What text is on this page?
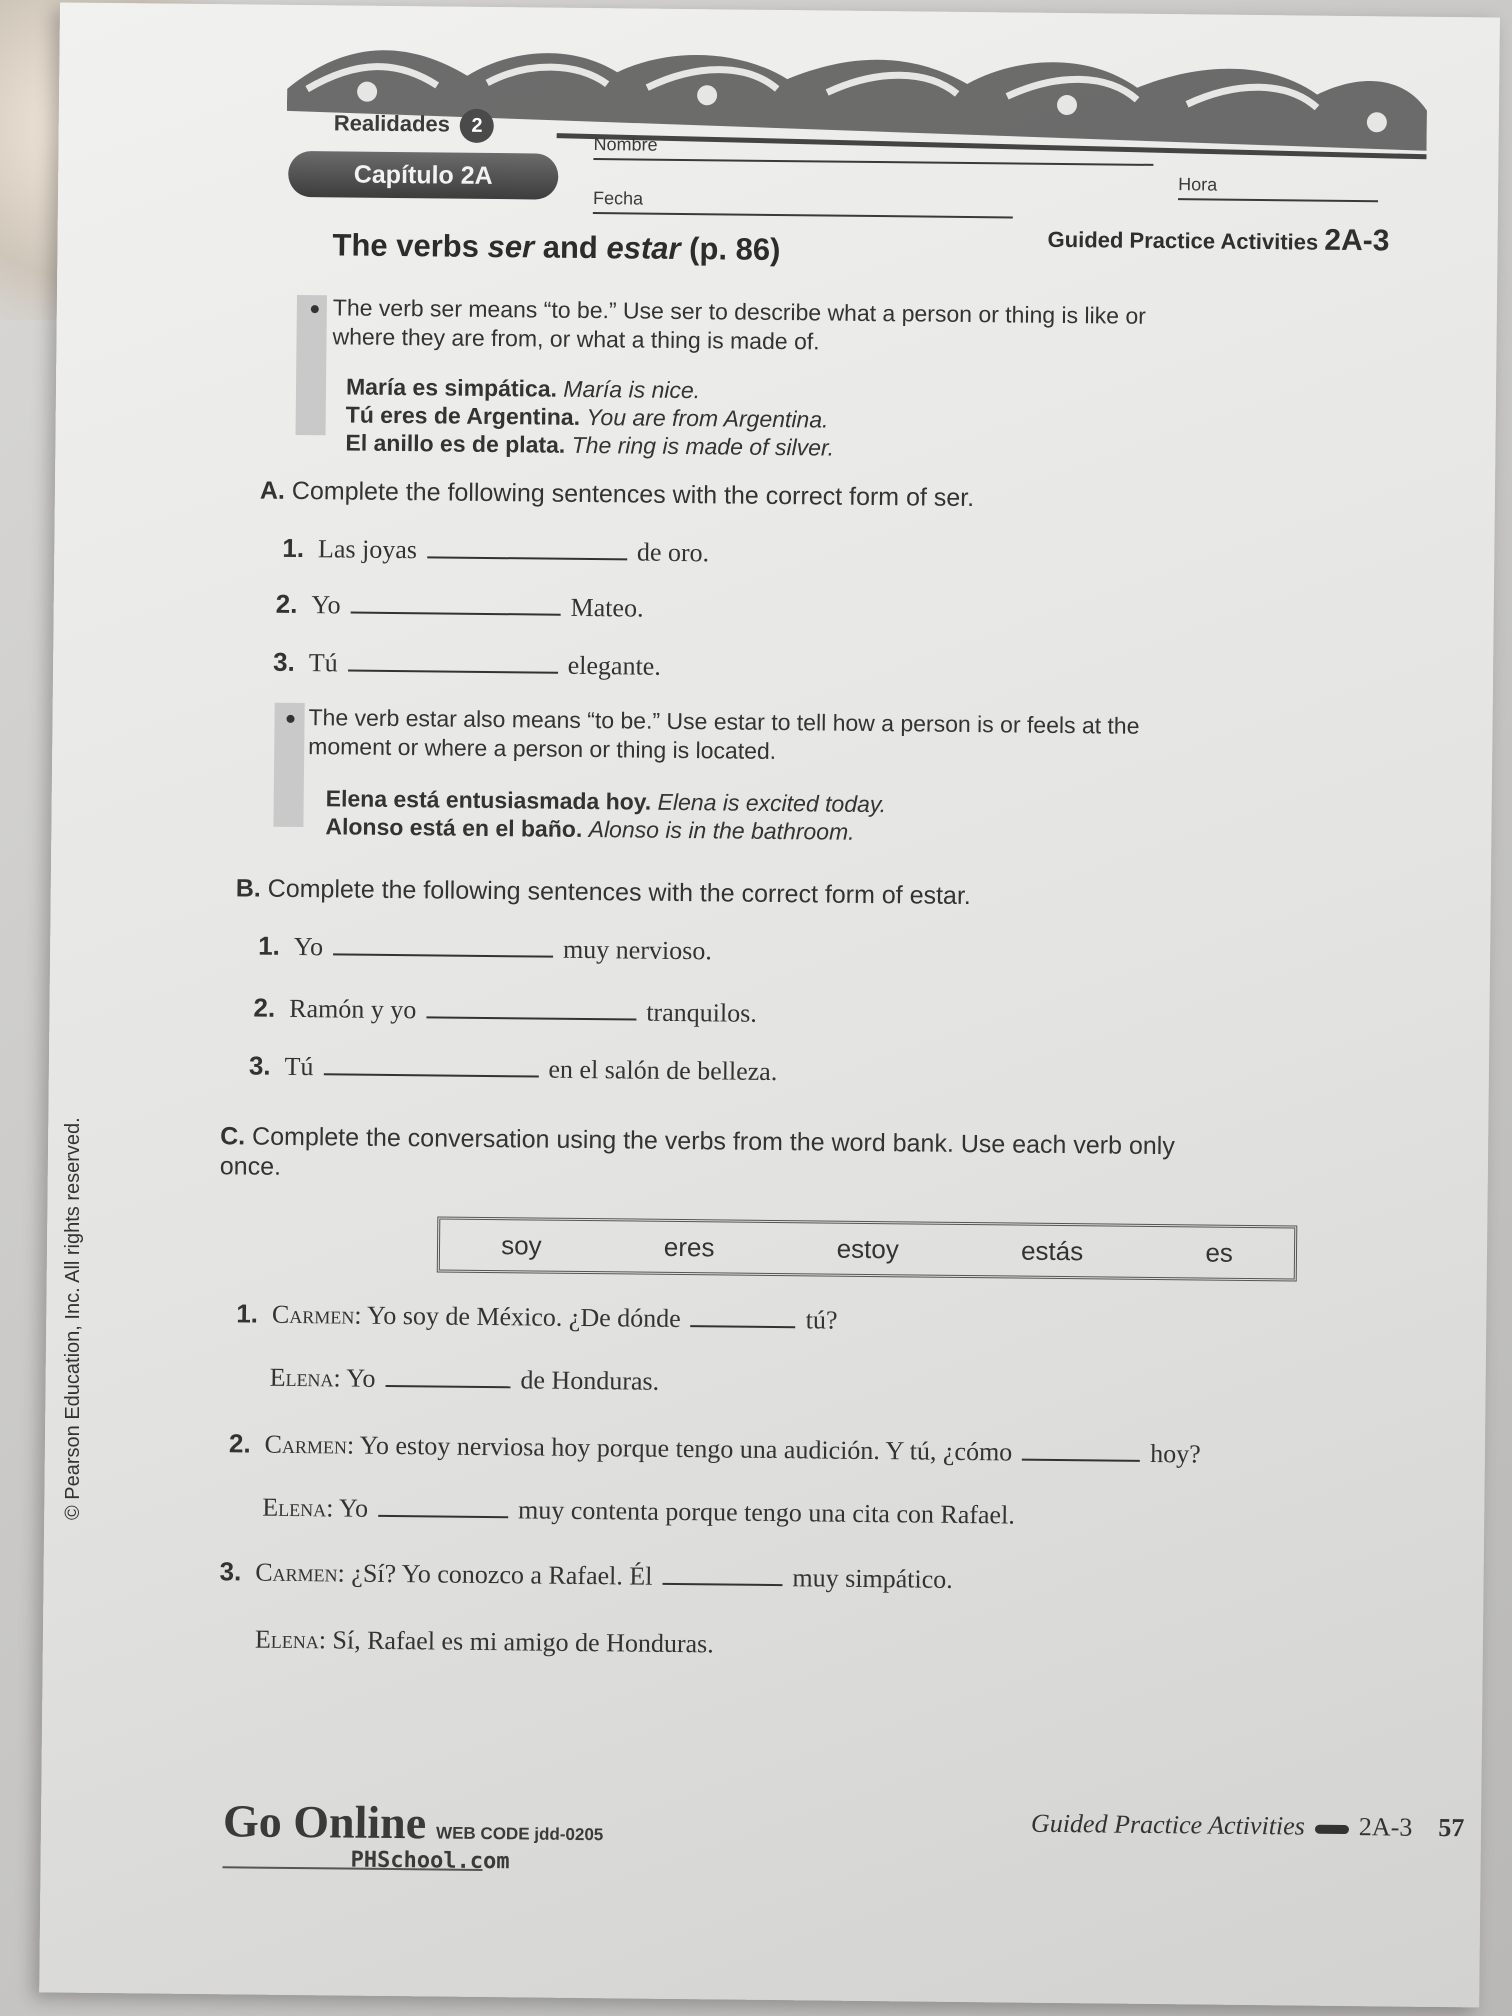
Realidades 2
Capítulo 2A
Nombre
Hora
Fecha
Guided Practice Activities 2A-3
The verbs ser and estar (p. 86)
The verb ser means “to be.” Use ser to describe what a person or thing is like or
where they are from, or what a thing is made of.
María es simpática. María is nice.
Tú eres de Argentina. You are from Argentina.
El anillo es de plata. The ring is made of silver.
A. Complete the following sentences with the correct form of ser.
1. Las joyas	de oro.
2. Yo	Mateo.
3. Tú	elegante.
The verb estar also means “to be.” Use estar to tell how a person is or feels at the
moment or where a person or thing is located.
Elena está entusiasmada hoy. Elena is excited today.
Alonso está en el baño. Alonso is in the bathroom.
B. Complete the following sentences with the correct form of estar.
1. Yo	muy nervioso.
2. Ramón y yo	tranquilos.
3. Tú	en el salón de belleza.
C. Complete the conversation using the verbs from the word bank. Use each verb only
once.
soy	eres	estoy	estás	es
1. Carmen: Yo soy de México. ¿De dónde	tú?
Elena: Yo	de Honduras.
2. Carmen: Yo estoy nerviosa hoy porque tengo una audición. Y tú, ¿cómo	hoy?
Elena: Yo	muy contenta porque tengo una cita con Rafael.
3. Carmen: ¿Sí? Yo conozco a Rafael. Él	muy simpático.
Elena: Sí, Rafael es mi amigo de Honduras.
Go Online WEB CODE jdd-0205
PHSchool.com
Guided Practice Activities 2A-3 57
© Pearson Education, Inc. All rights reserved.
